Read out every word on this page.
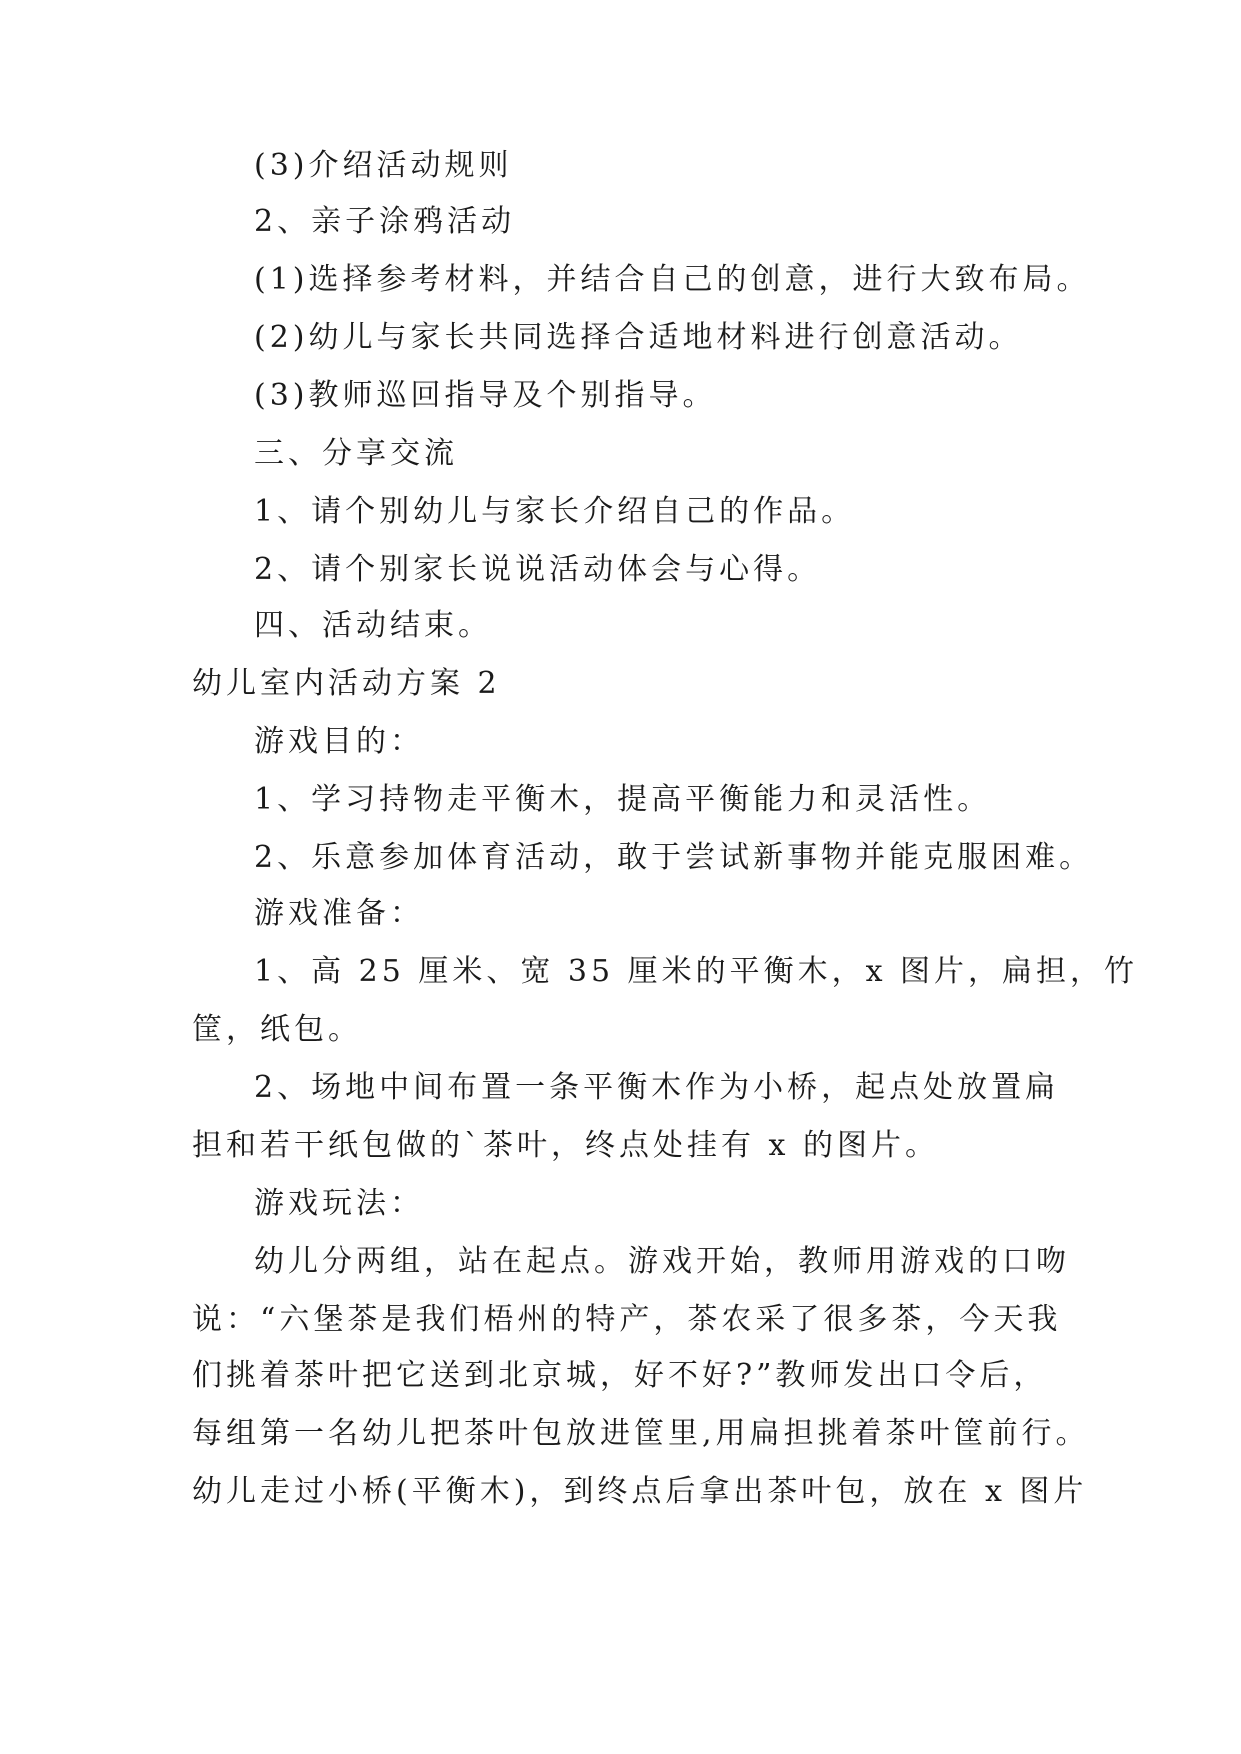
(3)介绍活动规则
2、亲子涂鸦活动
(1)选择参考材料，并结合自己的创意，进行大致布局。
(2)幼儿与家长共同选择合适地材料进行创意活动。
(3)教师巡回指导及个别指导。
三、分享交流
1、请个别幼儿与家长介绍自己的作品。
2、请个别家长说说活动体会与心得。
四、活动结束。
幼儿室内活动方案 2
游戏目的：
1、学习持物走平衡木，提高平衡能力和灵活性。
2、乐意参加体育活动，敢于尝试新事物并能克服困难。
游戏准备：
1、高 25 厘米、宽 35 厘米的平衡木，x 图片，扁担，竹
筐，纸包。
2、场地中间布置一条平衡木作为小桥，起点处放置扁
担和若干纸包做的`茶叶，终点处挂有 x 的图片。
游戏玩法：
幼儿分两组，站在起点。游戏开始，教师用游戏的口吻
说：“六堡茶是我们梧州的特产，茶农采了很多茶，今天我
们挑着茶叶把它送到北京城，好不好?”教师发出口令后，
每组第一名幼儿把茶叶包放进筐里,用扁担挑着茶叶筐前行。
幼儿走过小桥(平衡木)，到终点后拿出茶叶包，放在 x 图片
